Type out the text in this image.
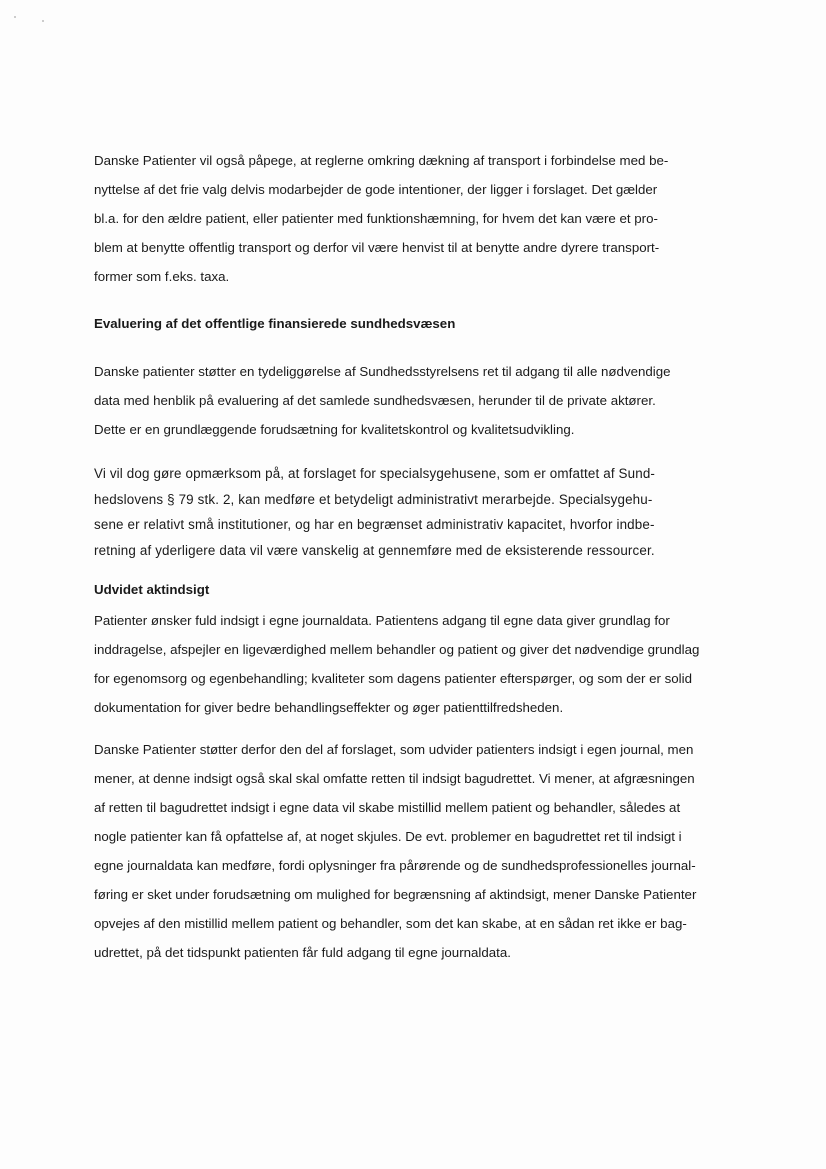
Danske Patienter vil også påpege, at reglerne omkring dækning af transport i forbindelse med be-
nyttelse af det frie valg delvis modarbejder de gode intentioner, der ligger i forslaget. Det gælder
bl.a. for den ældre patient, eller patienter med funktionshæmning, for hvem det kan være et pro-
blem at benytte offentlig transport og derfor vil være henvist til at benytte andre dyrere transport-
former som f.eks. taxa.
Evaluering af det offentlige finansierede sundhedsvæsen
Danske patienter støtter en tydeliggørelse af Sundhedsstyrelsens ret til adgang til alle nødvendige
data med henblik på evaluering af det samlede sundhedsvæsen, herunder til de private aktører.
Dette er en grundlæggende forudsætning for kvalitetskontrol og kvalitetsudvikling.
Vi vil dog gøre opmærksom på, at forslaget for specialsygehusene, som er omfattet af Sund-
hedslovens § 79 stk. 2, kan medføre et betydeligt administrativt merarbejde. Specialsygehu-
sene er relativt små institutioner, og har en begrænset administrativ kapacitet, hvorfor indbe-
retning af yderligere data vil være vanskelig at gennemføre med de eksisterende ressourcer.
Udvidet aktindsigt
Patienter ønsker fuld indsigt i egne journaldata. Patientens adgang til egne data giver grundlag for
inddragelse, afspejler en ligeværdighed mellem behandler og patient og giver det nødvendige grundlag
for egenomsorg og egenbehandling; kvaliteter som dagens patienter efterspørger, og som der er solid
dokumentation for giver bedre behandlingseffekter og øger patienttilfredsheden.
Danske Patienter støtter derfor den del af forslaget, som udvider patienters indsigt i egen journal, men
mener, at denne indsigt også skal skal omfatte retten til indsigt bagudrettet. Vi mener, at afgræsningen
af retten til bagudrettet indsigt i egne data vil skabe mistillid mellem patient og behandler, således at
nogle patienter kan få opfattelse af, at noget skjules. De evt. problemer en bagudrettet ret til indsigt i
egne journaldata kan medføre, fordi oplysninger fra pårørende og de sundhedsprofessionelles journal-
føring er sket under forudsætning om mulighed for begrænsning af aktindsigt, mener Danske Patienter
opvejes af den mistillid mellem patient og behandler, som det kan skabe, at en sådan ret ikke er bag-
udrettet, på det tidspunkt patienten får fuld adgang til egne journaldata.
